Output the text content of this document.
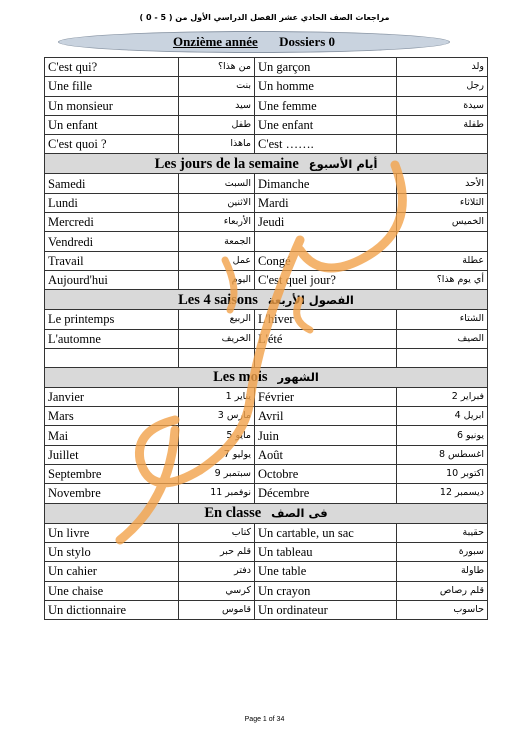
مراجعات الصف الحادي عشر الفصل الدراسي الأول من ( 5 - 0 )
Onzième année Dossiers 0
C'est qui?	من هذا؟	Un garçon	ولد
Une fille	بنت	Un homme	رجل
Un monsieur	سيد	Une femme	سيدة
Un enfant	طفل	Une enfant	طفلة
C'est quoi ?	ماهذا	C'est …….	
Les jours de la semaine أيام الأسبوع			
Samedi	السبت	Dimanche	الأحد
Lundi	الاثنين	Mardi	الثلاثاء
Mercredi	الأربعاء	Jeudi	الخميس
Vendredi	الجمعة		
Travail	عمل	Congé	عطلة
Aujourd'hui	اليوم	C'est quel jour?	أي يوم هذا؟
Les 4 saisons الفصول الأربعة			
Le printemps	الربيع	L'hiver	الشتاء
L'automne	الخريف	L'été	الصيف

Les mois الشهور			
Janvier	يناير 1	Février	فبراير 2
Mars	مارس 3	Avril	ابريل 4
Mai	مايو 5	Juin	يونيو 6
Juillet	يوليو 7	Août	اغسطس 8
Septembre	سبتمبر 9	Octobre	اكتوبر 10
Novembre	نوفمبر 11	Décembre	ديسمبر 12
En classe فى الصف			
Un livre	كتاب	Un cartable, un sac	حقيبة
Un stylo	قلم حبر	Un tableau	سبورة
Un cahier	دفتر	Une table	طاولة
Une chaise	كرسي	Un crayon	قلم رصاص
Un dictionnaire	قاموس	Un ordinateur	حاسوب
Page 1 of 34
